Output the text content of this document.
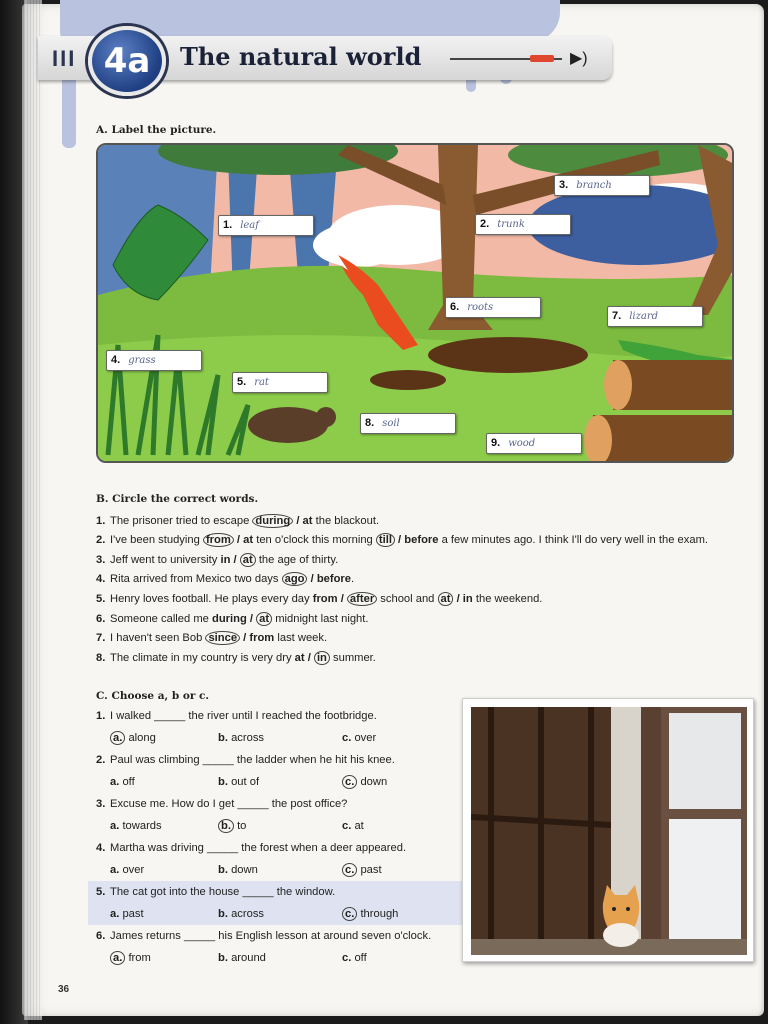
III 4a	The natural world	▶)
A. Label the picture.
1. leaf	2. trunk
3. branch
4. grass
5. rat
6. roots
7. lizard
8. soil
9. wood
B. Circle the correct words.
1. The prisoner tried to escape during / at the blackout.
2. I've been studying from / at ten o'clock this morning till / before a few minutes ago. I think I'll do very well in the exam.
3. Jeff went to university in / at the age of thirty.
4. Rita arrived from Mexico two days ago / before.
5. Henry loves football. He plays every day from / after school and at / in the weekend.
6. Someone called me during / at midnight last night.
7. I haven't seen Bob since / from last week.
8. The climate in my country is very dry at / in summer.
C. Choose a, b or c.
1. I walked _____ the river until I reached the footbridge.
a. along	b. across	c. over
2. Paul was climbing _____ the ladder when he hit his knee.
a. off	b. out of	c. down
3. Excuse me. How do I get _____ the post office?
a. towards	b. to	c. at
4. Martha was driving _____ the forest when a deer appeared.
a. over	b. down	c. past
5. The cat got into the house _____ the window.
a. past	b. across	c. through
6. James returns _____ his English lesson at around seven o'clock.
a. from	b. around	c. off
36
